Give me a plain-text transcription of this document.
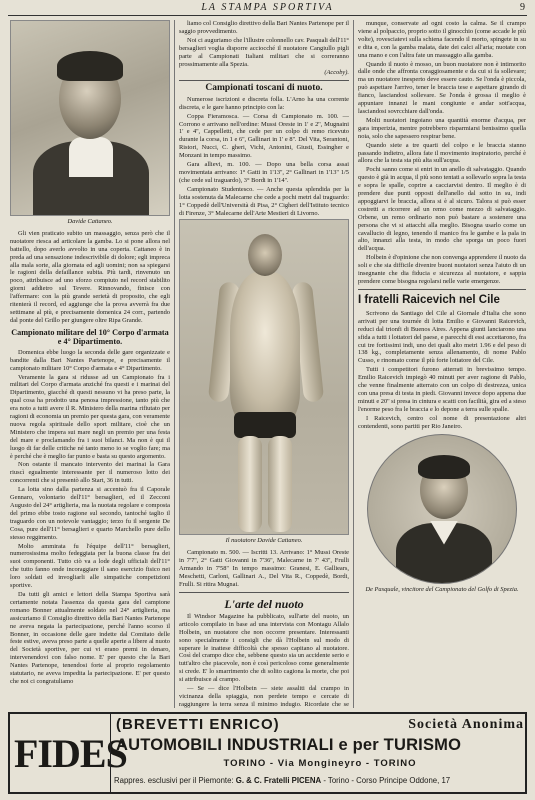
LA STAMPA SPORTIVA	9
Davide Cattaneo.

Gli vien praticato subito un massaggio, senza però che il nuotatore riesca ad articolare la gamba. Lo si pone allora nel battello, dopo averlo avvolto in una coperta. Cattaneo è in preda ad una sensazione indescrivibile di dolore; egli impreca alla mala sorte, alla giornata ed agli uomini; non sa spiegarsi le ragioni della defaillance subita. Più tardi, rinvenuto un poco, attribuisce ad uno sforzo compiuto nel record stabilito giorni addietro sul Tevere. Rinnovando, finisce con l'affermare: con la più grande serietà di proposito, che egli ritenterà il record, ed aggiunge che la prova avverrà fra due settimane al più, e precisamente domenica 24 corr., partendo dal ponte del Grillo per giungere oltre Ripa Grande.

Campionato militare del 10° Corpo d'armata e 4° Dipartimento.

Domenica ebbe luogo la seconda delle gare organizzate e bandite dalla Bari Nantes Partenope, e precisamente il campionato militare 10° Corpo d'armata e 4° Dipartimento.

Veramente la gara si ridusse ad un Campionato fra i militari del Corpo d'armata anziché fra questi e i marinai del Dipartimento, giacché di questi nessuno vi ha preso parte, la qual cosa ha prodotto una penosa impressione, tanto più che era noto a tutti avere il R. Ministero della marina rifiutato per ragioni di economia un premio per questa gara, con veramente nuova regola spirituale dello sport militare, cioè che un Ministero che impera sui mare negli un premio per una festa del mare e proclamando fra i suoi bilanci. Ma non è qui il luogo di far delle critiche né tanto meno io se voglio fare; ma è perché che è meglio far punto e basta su questo argomento.

Non ostante il mancato intervento dei marinai la Gara riuscì egualmente interessante per il numeroso lotto dei concorrenti che si presentò allo Start, 36 in tutti.

La lotta sino dalla partenza si accentuò fra il Caporale Gennaro, volontario dell'11° bersaglieri, ed il Zecconi Augusto del 24° artiglieria, ma la nuotata regolare e composta del primo ebbe tosto ragione sul secondo, tantoché taglio il traguardo con un notevole vantaggio; terzo fu il sergente De Cosa, pure dell'11° bersaglieri e quarto Marchello pure dello stesso reggimento.

Molto ammirata fu l'équipe dell'11° bersaglieri, numerosissima molto fedeggiata per la buona classe fra dei suoi componenti. Tutto ciò va a lode degli ufficiali dell'11° che tutto fanno onde incoraggiare il sano esercizio fisico nei loro soldati ed invogliarli alle simpatiche competizioni sportive.

Da tutti gli amici e lettori della Stampa Sportiva sarà certamente notata l'assenza da questa gara del campione romano Bonner attualmente soldato nel 24° artiglieria, ma assicuriamo il Consiglio direttivo della Bari Nantes Partenope ne aveva negata la partecipazione, perché l'anno scorso il Bonner, in occasione delle gare indette dal Comitato delle feste estive, aveva preso parte a quelle aperte a libere al nuoto del Società sportive, per cui vi erano premi in denaro, intervenendovi con falso nome. E' per questo che la Bari Nantes Partenope, tenendosi forte al proprio regolamento statutario, ne aveva impedita la partecipazione. E' per questo che noi ci congratuliamo

liamo col Consiglio direttivo della Bari Nantes Partenope per il saggio provvedimento.

Noi ci auguriamo che l'illustre colonnello cav. Pasquali dell'11° bersaglieri voglia disporre acciocché il nuotatore Cangiullo pigli parte al Campionati Italiani militari che si correranno prossimamente alla Spezia.

(Accoby).
Campionati toscani di nuoto.

Numerose iscrizioni e discreta folla. L'Arno ha una corrente discreta, e le gare hanno principio con la:

Coppa Fieramosca. — Corsa di Campionato m. 100. — Corrono e arrivano nell'ordine: Mussi Oreste in 1' e 2'', Mugnaini 1' e 4'', Cappelletti, che cede per un colpo di remo ricevuto durante la corsa, in 1 e 6'', Gallinari in 1' e 8''. Del Vita, Serantoni, Ristori, Nucci, C. gheri, Vichi, Antonini, Giusti, Essingher e Monzani in tempo massimo.

Gara allievi, m. 100. — Dopo una bella corsa assai movimentata arrivano: 1° Gatti in 1'13'', 2° Gallinari in 1'13'' 1/5 (che cede sul traguardo), 3° Bordi in 1'14''.

Campionato Studentesco. — Anche questa splendida per la lotta sostenuta da Malecarne che cede a pochi metri dal traguardo: 1° Coppedè dell'Università di Pisa, 2° Cigheri dell'Istituto tecnico di Firenze, 3° Malecarne dell'Arte Mestieri di Livorno.

Il nuotatore Davide Cattaneo.

Campionato m. 500. — Iscritti 13. Arrivano: 1° Mussi Oreste in 7'7'', 2° Gatti Giovanni in 7'36'', Malecarne in 7' 43'', Frulli Armando in 7'58'' In tempo massimo: Granesi, E. Galliears, Meschetti, Carloni, Gallinari A., Del Vita R., Coppedè, Bordi, Frulli. Si ritira Mugnai.

L'arte del nuoto

Il Windsor Magazine ha pubblicato, sull'arte del nuoto, un articolo compilato in base ad una intervista con Montagu Allalo Holbein, un nuotatore che non occorre presentare. Interessanti sono specialmente i consigli che dà l'Holbein sul modo di superare le inattese difficoltà che spesso capitano al nuotatore. Così del crampo dice che, sebbene questo sia un accidente serio e tutt'altro che piacevole, non è così pericoloso come generalmente si crede. E' lo smarrimento che di solito cagiona la morte, che poi si attribuisce al crampo.

— Se — dice l'Holbein — siete assaliti dal crampo in vicinanza della spiaggia, non perdete tempo e cercate di raggiungere la terra senza il minimo indugio. Ricordate che se

munque, conservate ad ogni costo la calma. Se il crampo viene al polpaccio, proprio sotto il ginocchio (come accade le più volte), rovesciatevi sulla schiena facendo il morto, spingete in su e dita e, con la gamba malata, date dei calci all'aria; nuotate con una mano e con l'altra fate un massaggio alla gamba.

Quando il nuoto è mosso, un buon nuotatore non è intimorito dalle onde che affronta coraggiosamente e da cui si fa sollevare; ma un nuotatore inesperto deve essere cauto. Se l'onda è piccola, può aspettare l'arrivo, tener le braccia tese e aspettare girando di fianco, lasciandosi sollevare. Se l'onda è grossa il meglio è appuntare innanzi le mani congiunte e andar sott'acqua, lasciandosi sovrcchiare dall'onda.

Molti nuotatori ingoiano una quantità enorme d'acqua, per gara imperizia, mentre potrebbero risparmiarsi benissimo quella noia, solo che sapessero respirar bene.

Quando siete a tre quarti del colpo e le braccia stanno passando indietro, allora fate il movimento inspiratorio, perché è allora che la testa sta più alta sull'acqua.

Pochi sanno come si entri in un anello di salvataggio. Quando questo è già in acqua, il più sono tentati a sollevarlo sopra la testa e sopra le spalle, coprire a cacciarvisi dentro. Il meglio è di prendere due punti opposti dell'anello dal sotto in su, indi appoggiarvi le braccia, allora si è al sicuro. Talora si può esser costretti a ricorrere ad un remo come mezzo di salvataggio. Orbene, un remo ordinario non può bastare a sostenere una persona che vi si attacchi alla meglio. Bisogna usarlo come un cavallucio di legno, tenendo il manico fra le gambe e la pala in alto, innanzi alla testa, in modo che sporga un poco fuori dell'acqua.

Holbein è d'opinione che non convenga apprendere il nuoto da soli e che sia difficile divenire buoni nuotatori senza l'aiuto di un insegnante che dia fiducia e sicurezza al nuotatore, e sappia prendere come bisogna regolarsi nelle varie emergenze.

I fratelli Raicevich nel Cile

Scrivono da Santiago del Cile al Giornale d'Italia che sono arrivati per una tournée di lotta Emilio e Giovanni Raicevich, reduci dal trionfi di Buenos Aires. Appena giunti lanciarono una sfida a tutti i lottatori del paese, e parecchi di essi accettarono, fra cui tre fortissimi indi, uno dei quali alto metri 1.96 e del peso di 138 kg., completamente senza allenamento, di nome Pablo Cusso, e rinomato come il più forte lottatore del Cile.

Tutti i competitori furono atterrati in brevissimo tempo. Emilio Raicevich impiegò 40 minuti per aver ragione di Pablo, che venne finalmente atterrato con un colpo di destrezza, unica con una presa di testa in piedi. Giovanni invece dopo appena due minuti e 20'' si presa in cintura e scatti con facilità, gira ed a steso l'enorme peso fra le braccia e lo depone a terra sulle spalle.

I Raicevich, centro col nome di presentazione altri contendenti, sono partiti per Rio Janeiro.

De Pasquale, vincitore del Campionato del Golfo di Spezia.
FIDES
(BREVETTI ENRICO)	Società Anonima
AUTOMOBILI INDUSTRIALI e per TURISMO
TORINO - Via Mongineyro - TORINO
Rappres. esclusivi per il Piemonte: G. & C. Fratelli PICENA - Torino - Corso Principe Oddone, 17
